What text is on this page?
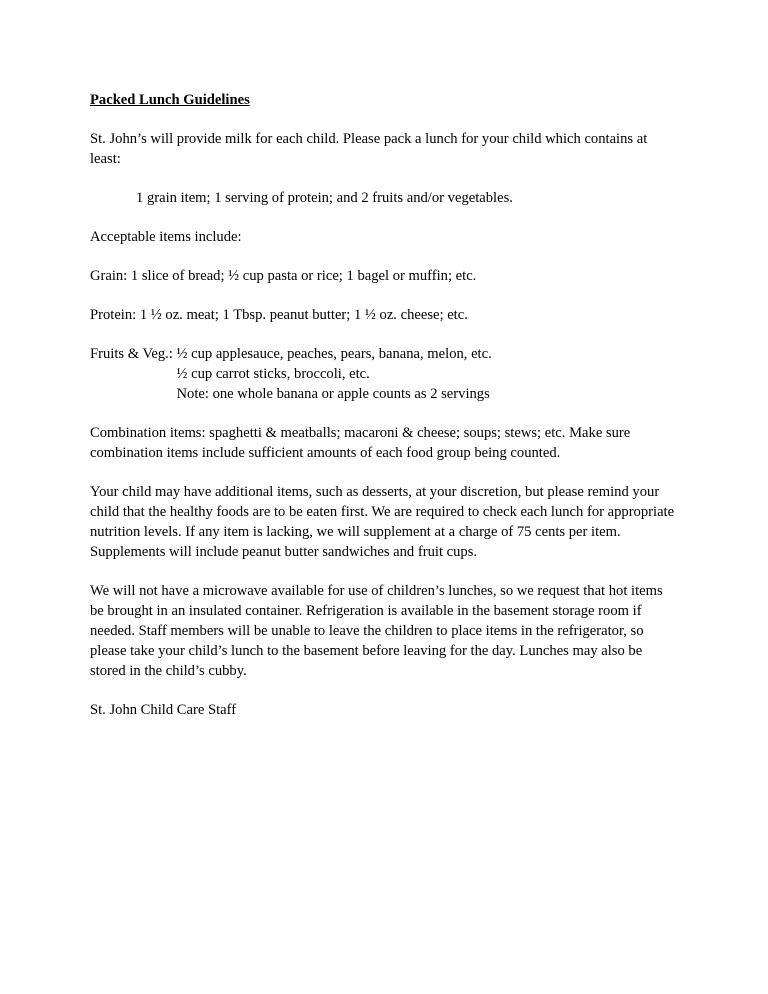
Packed Lunch Guidelines

St. John’s will provide milk for each child. Please pack a lunch for your child which contains at least:

1 grain item; 1 serving of protein; and 2 fruits and/or vegetables.

Acceptable items include:

Grain: 1 slice of bread; ½ cup pasta or rice; 1 bagel or muffin; etc.

Protein: 1 ½ oz. meat; 1 Tbsp. peanut butter; 1 ½ oz. cheese; etc.

Fruits & Veg.: ½ cup applesauce, peaches, pears, banana, melon, etc.
½ cup carrot sticks, broccoli, etc.
Note: one whole banana or apple counts as 2 servings

Combination items: spaghetti & meatballs; macaroni & cheese; soups; stews; etc. Make sure combination items include sufficient amounts of each food group being counted.

Your child may have additional items, such as desserts, at your discretion, but please remind your child that the healthy foods are to be eaten first. We are required to check each lunch for appropriate nutrition levels. If any item is lacking, we will supplement at a charge of 75 cents per item. Supplements will include peanut butter sandwiches and fruit cups.

We will not have a microwave available for use of children’s lunches, so we request that hot items be brought in an insulated container. Refrigeration is available in the basement storage room if needed. Staff members will be unable to leave the children to place items in the refrigerator, so please take your child’s lunch to the basement before leaving for the day. Lunches may also be stored in the child’s cubby.

St. John Child Care Staff
